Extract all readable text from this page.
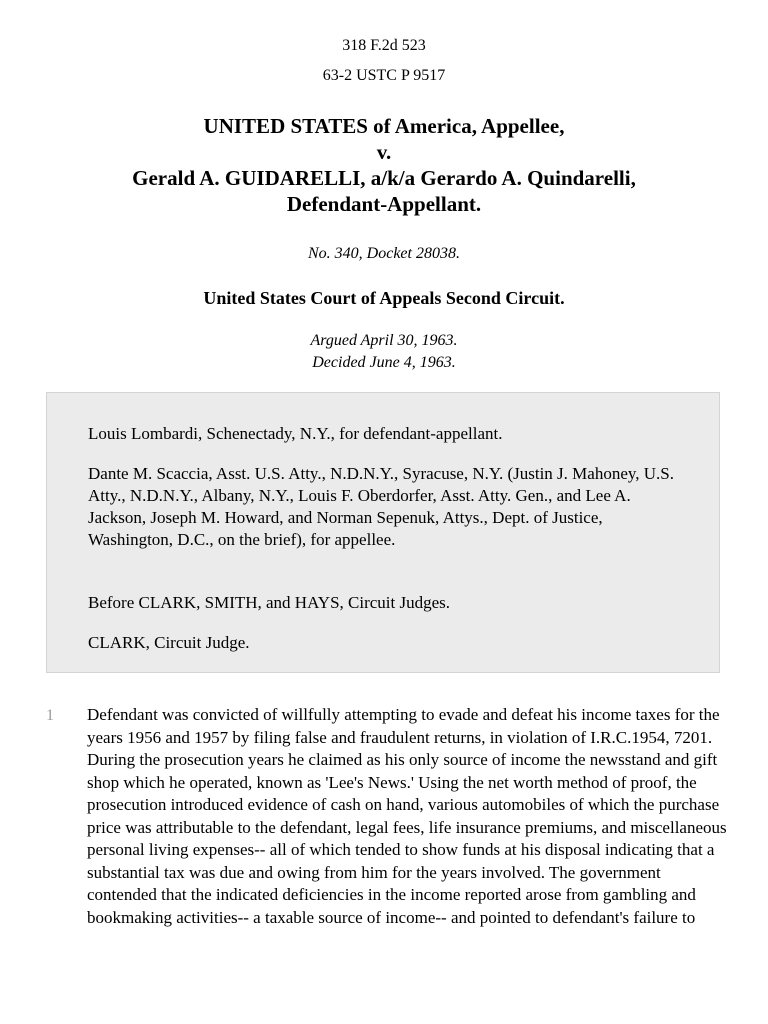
318 F.2d 523
63-2 USTC P 9517
UNITED STATES of America, Appellee,
v.
Gerald A. GUIDARELLI, a/k/a Gerardo A. Quindarelli,
Defendant-Appellant.
No. 340, Docket 28038.
United States Court of Appeals Second Circuit.
Argued April 30, 1963.
Decided June 4, 1963.

Louis Lombardi, Schenectady, N.Y., for defendant-appellant.

Dante M. Scaccia, Asst. U.S. Atty., N.D.N.Y., Syracuse, N.Y. (Justin J. Mahoney, U.S. Atty., N.D.N.Y., Albany, N.Y., Louis F. Oberdorfer, Asst. Atty. Gen., and Lee A. Jackson, Joseph M. Howard, and Norman Sepenuk, Attys., Dept. of Justice, Washington, D.C., on the brief), for appellee.

Before CLARK, SMITH, and HAYS, Circuit Judges.

CLARK, Circuit Judge.

1 Defendant was convicted of willfully attempting to evade and defeat his income taxes for the years 1956 and 1957 by filing false and fraudulent returns, in violation of I.R.C.1954, 7201. During the prosecution years he claimed as his only source of income the newsstand and gift shop which he operated, known as 'Lee's News.' Using the net worth method of proof, the prosecution introduced evidence of cash on hand, various automobiles of which the purchase price was attributable to the defendant, legal fees, life insurance premiums, and miscellaneous personal living expenses-- all of which tended to show funds at his disposal indicating that a substantial tax was due and owing from him for the years involved. The government contended that the indicated deficiencies in the income reported arose from gambling and bookmaking activities-- a taxable source of income-- and pointed to defendant's failure to
